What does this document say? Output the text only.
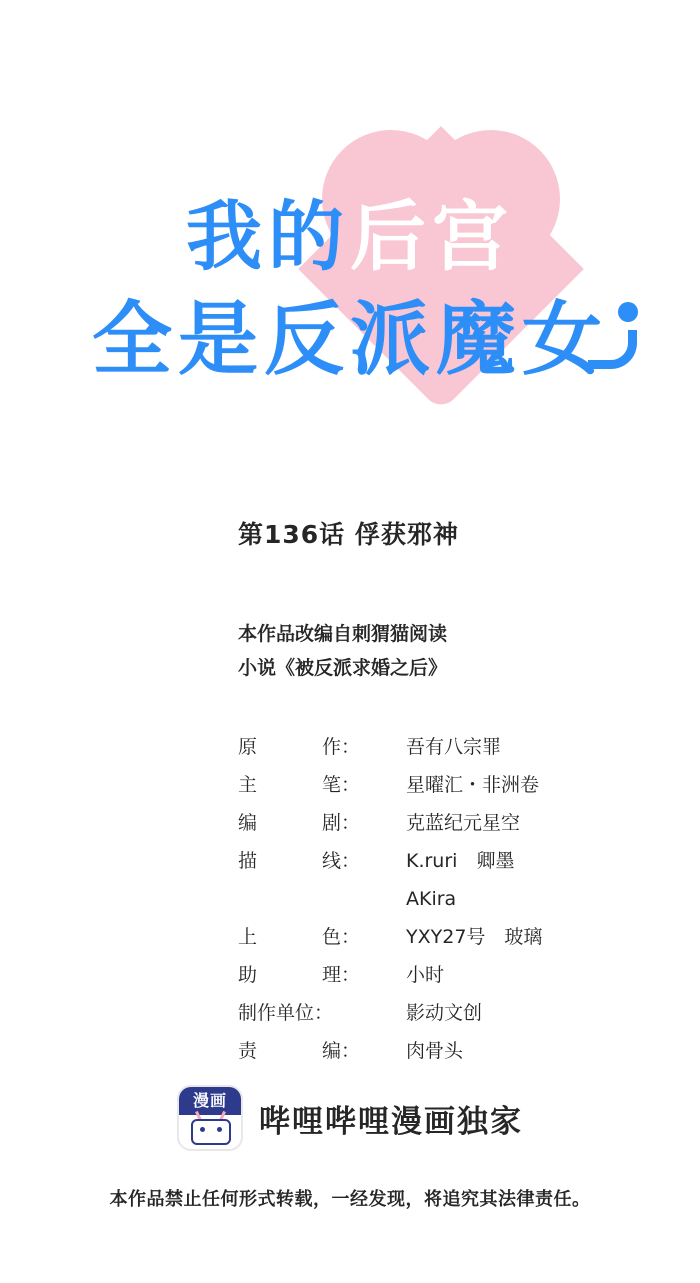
我的后宫
全是反派魔女
第136话 俘获邪神
本作品改编自刺猬猫阅读
小说《被反派求婚之后》
原	作：	吾有八宗罪
主	笔：	星曜汇・非洲卷
编	剧：	克蓝纪元星空
描	线：	K.ruri　卿墨
AKira
上	色：	YXY27号　玻璃
助	理：	小时
制作单位：	影动文创
责	编：	肉骨头
漫画
哔哩哔哩漫画独家
本作品禁止任何形式转载，一经发现，将追究其法律责任。
